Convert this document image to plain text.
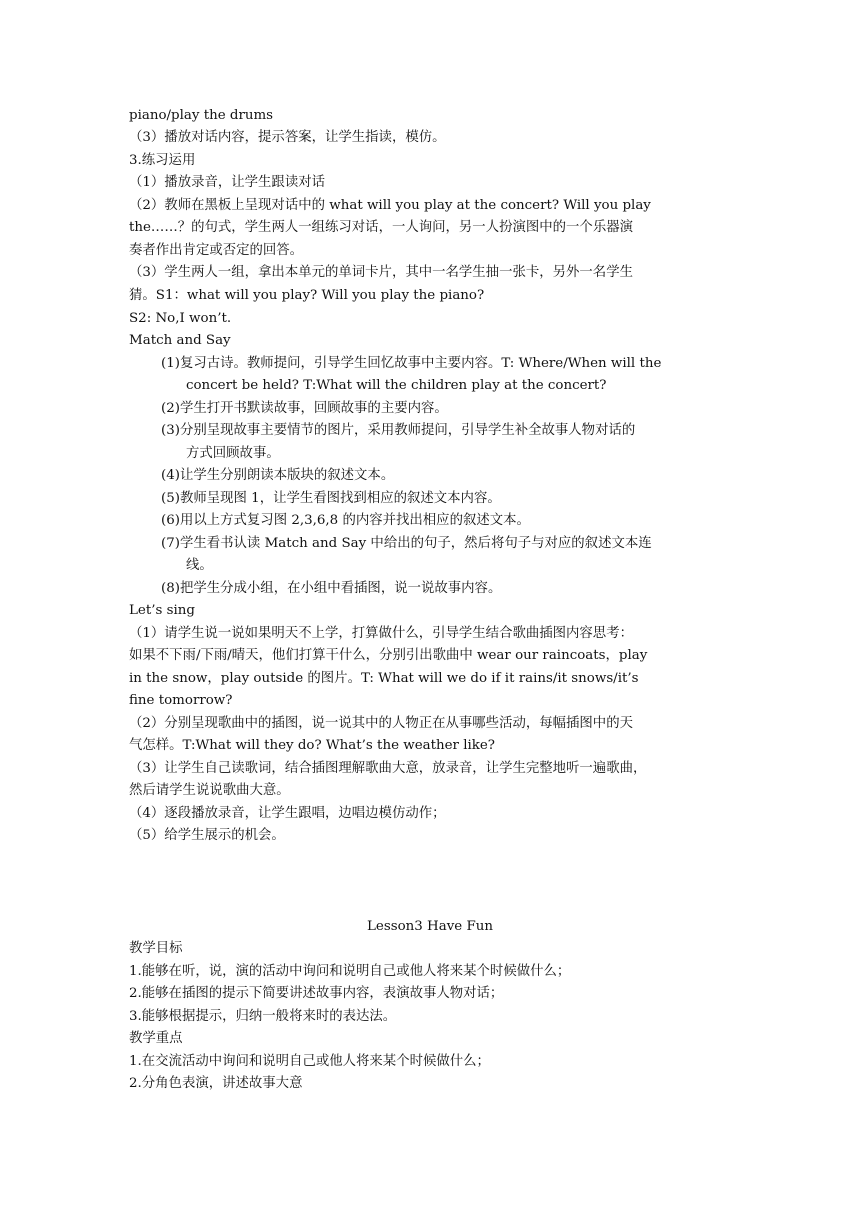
piano/play the drums
（3）播放对话内容，提示答案，让学生指读，模仿。
3.练习运用
（1）播放录音，让学生跟读对话
（2）教师在黑板上呈现对话中的 what will you play at the concert? Will you play
the……？的句式，学生两人一组练习对话，一人询问，另一人扮演图中的一个乐器演
奏者作出肯定或否定的回答。
（3）学生两人一组，拿出本单元的单词卡片，其中一名学生抽一张卡，另外一名学生
猜。S1：what will you play? Will you play the piano?
S2: No,I won’t.
Match and Say
(1)复习古诗。教师提问，引导学生回忆故事中主要内容。T: Where/When will the
concert be held? T:What will the children play at the concert?
(2)学生打开书默读故事，回顾故事的主要内容。
(3)分别呈现故事主要情节的图片，采用教师提问，引导学生补全故事人物对话的
方式回顾故事。
(4)让学生分别朗读本版块的叙述文本。
(5)教师呈现图 1，让学生看图找到相应的叙述文本内容。
(6)用以上方式复习图 2,3,6,8 的内容并找出相应的叙述文本。
(7)学生看书认读 Match and Say 中给出的句子，然后将句子与对应的叙述文本连
线。
(8)把学生分成小组，在小组中看插图，说一说故事内容。
Let’s sing
（1）请学生说一说如果明天不上学，打算做什么，引导学生结合歌曲插图内容思考：
如果不下雨/下雨/晴天，他们打算干什么，分别引出歌曲中 wear our raincoats，play
in the snow，play outside 的图片。T: What will we do if it rains/it snows/it’s
fine tomorrow?
（2）分别呈现歌曲中的插图，说一说其中的人物正在从事哪些活动，每幅插图中的天
气怎样。T:What will they do? What’s the weather like?
（3）让学生自己读歌词，结合插图理解歌曲大意，放录音，让学生完整地听一遍歌曲，
然后请学生说说歌曲大意。
（4）逐段播放录音，让学生跟唱，边唱边模仿动作；
（5）给学生展示的机会。
Lesson3 Have Fun
教学目标
1.能够在听，说，演的活动中询问和说明自己或他人将来某个时候做什么；
2.能够在插图的提示下简要讲述故事内容，表演故事人物对话；
3.能够根据提示，归纳一般将来时的表达法。
教学重点
1.在交流活动中询问和说明自己或他人将来某个时候做什么；
2.分角色表演，讲述故事大意
